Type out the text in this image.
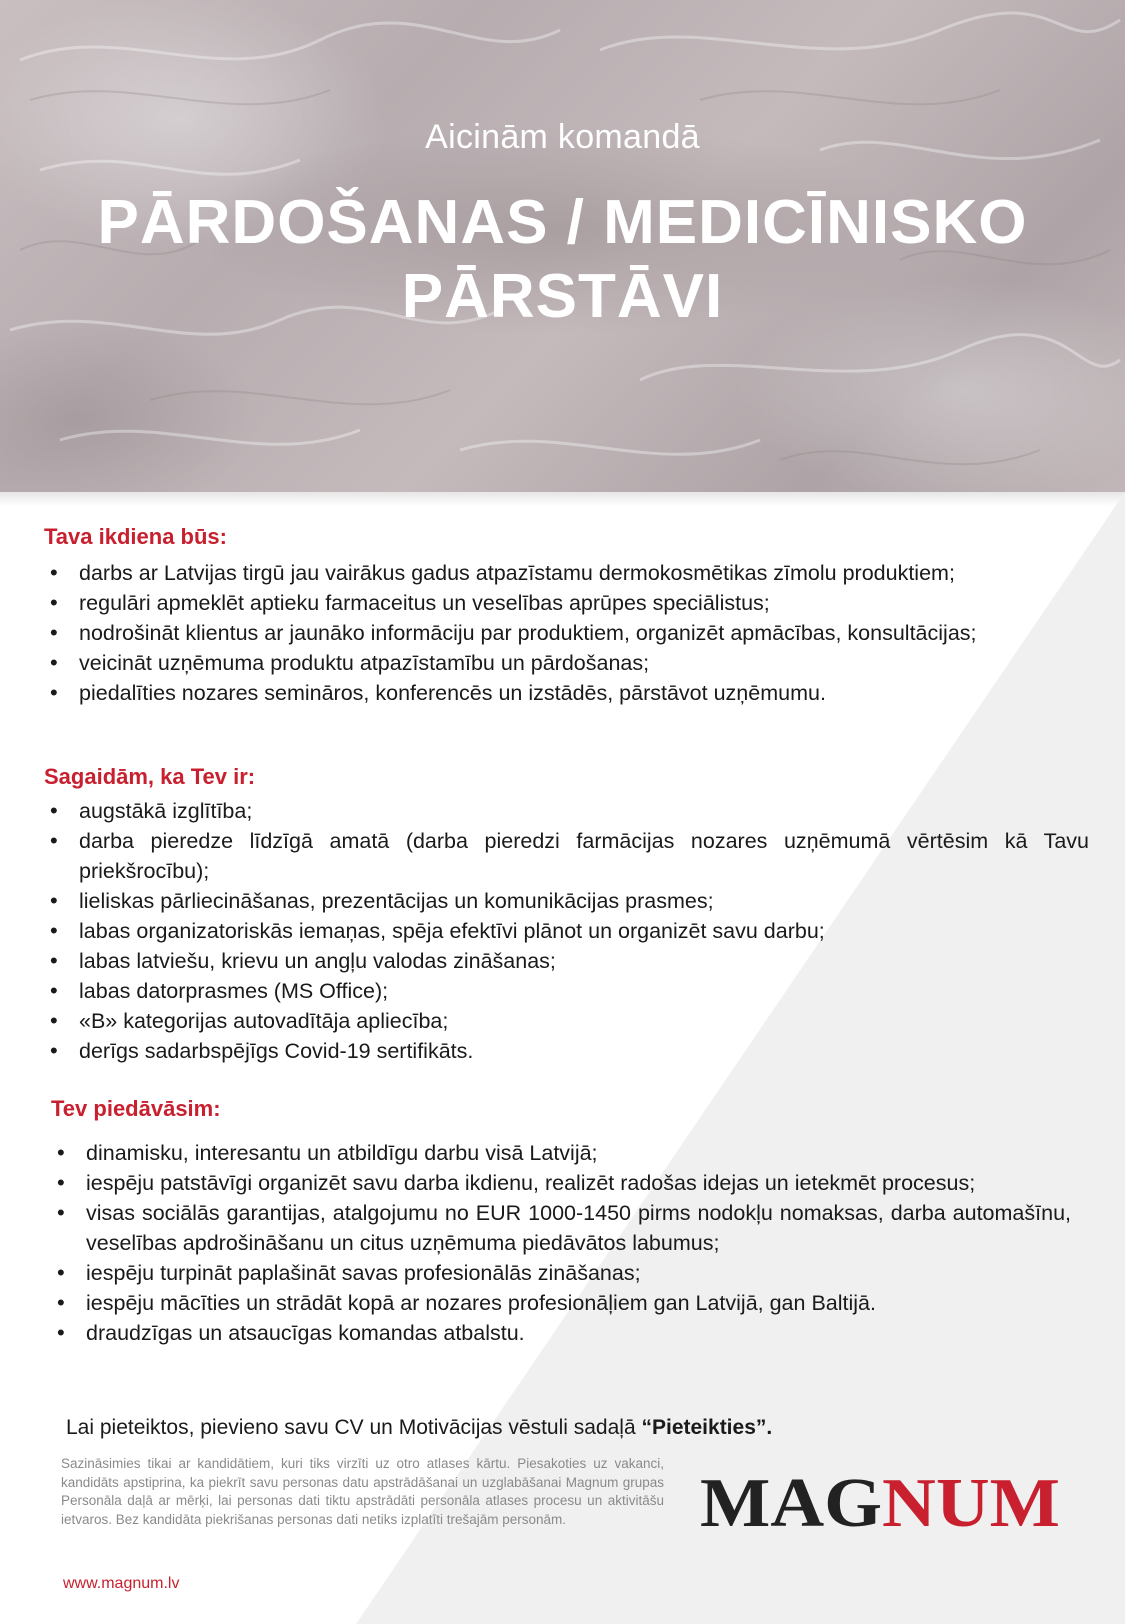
Aicinām komandā
PĀRDOŠANAS / MEDICĪNISKO
PĀRSTĀVI
Tava ikdiena būs:
• darbs ar Latvijas tirgū jau vairākus gadus atpazīstamu dermokosmētikas zīmolu produktiem;
• regulāri apmeklēt aptieku farmaceitus un veselības aprūpes speciālistus;
• nodrošināt klientus ar jaunāko informāciju par produktiem, organizēt apmācības, konsultācijas;
• veicināt uzņēmuma produktu atpazīstamību un pārdošanas;
• piedalīties nozares semināros, konferencēs un izstādēs, pārstāvot uzņēmumu.
Sagaidām, ka Tev ir:
• augstākā izglītība;
• darba pieredze līdzīgā amatā (darba pieredzi farmācijas nozares uzņēmumā vērtēsim kā Tavu priekšrocību);
• lieliskas pārliecināšanas, prezentācijas un komunikācijas prasmes;
• labas organizatoriskās iemaņas, spēja efektīvi plānot un organizēt savu darbu;
• labas latviešu, krievu un angļu valodas zināšanas;
• labas datorprasmes (MS Office);
• «B» kategorijas autovadītāja apliecība;
• derīgs sadarbspējīgs Covid-19 sertifikāts.
Tev piedāvāsim:
• dinamisku, interesantu un atbildīgu darbu visā Latvijā;
• iespēju patstāvīgi organizēt savu darba ikdienu, realizēt radošas idejas un ietekmēt procesus;
• visas sociālās garantijas, atalgojumu no EUR 1000-1450 pirms nodokļu nomaksas, darba automašīnu, veselības apdrošināšanu un citus uzņēmuma piedāvātos labumus;
• iespēju turpināt paplašināt savas profesionālās zināšanas;
• iespēju mācīties un strādāt kopā ar nozares profesionāļiem gan Latvijā, gan Baltijā.
• draudzīgas un atsaucīgas komandas atbalstu.
Lai pieteiktos, pievieno savu CV un Motivācijas vēstuli sadaļā “Pieteikties”.
Sazināsimies tikai ar kandidātiem, kuri tiks virzīti uz otro atlases kārtu. Piesakoties uz vakanci, kandidāts apstiprina, ka piekrīt savu personas datu apstrādāšanai un uzglabāšanai Magnum grupas Personāla daļā ar mērķi, lai personas dati tiktu apstrādāti personāla atlases procesu un aktivitāšu ietvaros. Bez kandidāta piekrišanas personas dati netiks izplatīti trešajām personām.
www.magnum.lv
MAG NUM
